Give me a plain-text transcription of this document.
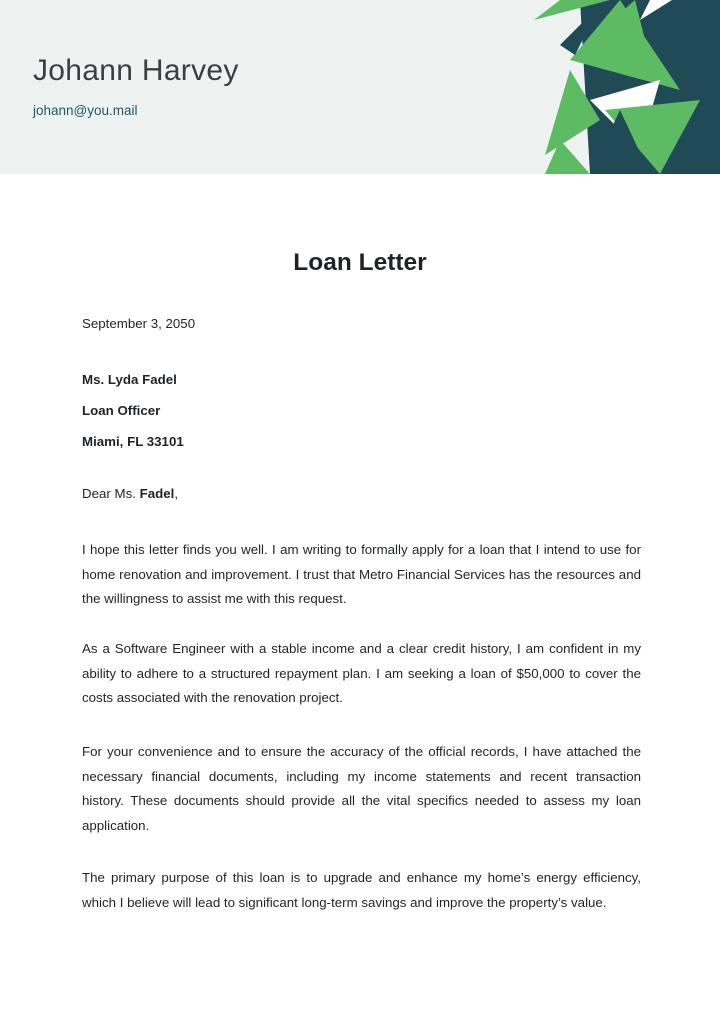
Johann Harvey
johann@you.mail
Loan Letter
September 3, 2050
Ms. Lyda Fadel
Loan Officer
Miami, FL 33101
Dear Ms. Fadel,

I hope this letter finds you well. I am writing to formally apply for a loan that I intend to use for home renovation and improvement. I trust that Metro Financial Services has the resources and the willingness to assist me with this request.

As a Software Engineer with a stable income and a clear credit history, I am confident in my ability to adhere to a structured repayment plan. I am seeking a loan of $50,000 to cover the costs associated with the renovation project.

For your convenience and to ensure the accuracy of the official records, I have attached the necessary financial documents, including my income statements and recent transaction history. These documents should provide all the vital specifics needed to assess my loan application.

The primary purpose of this loan is to upgrade and enhance my home’s energy efficiency, which I believe will lead to significant long-term savings and improve the property’s value.
